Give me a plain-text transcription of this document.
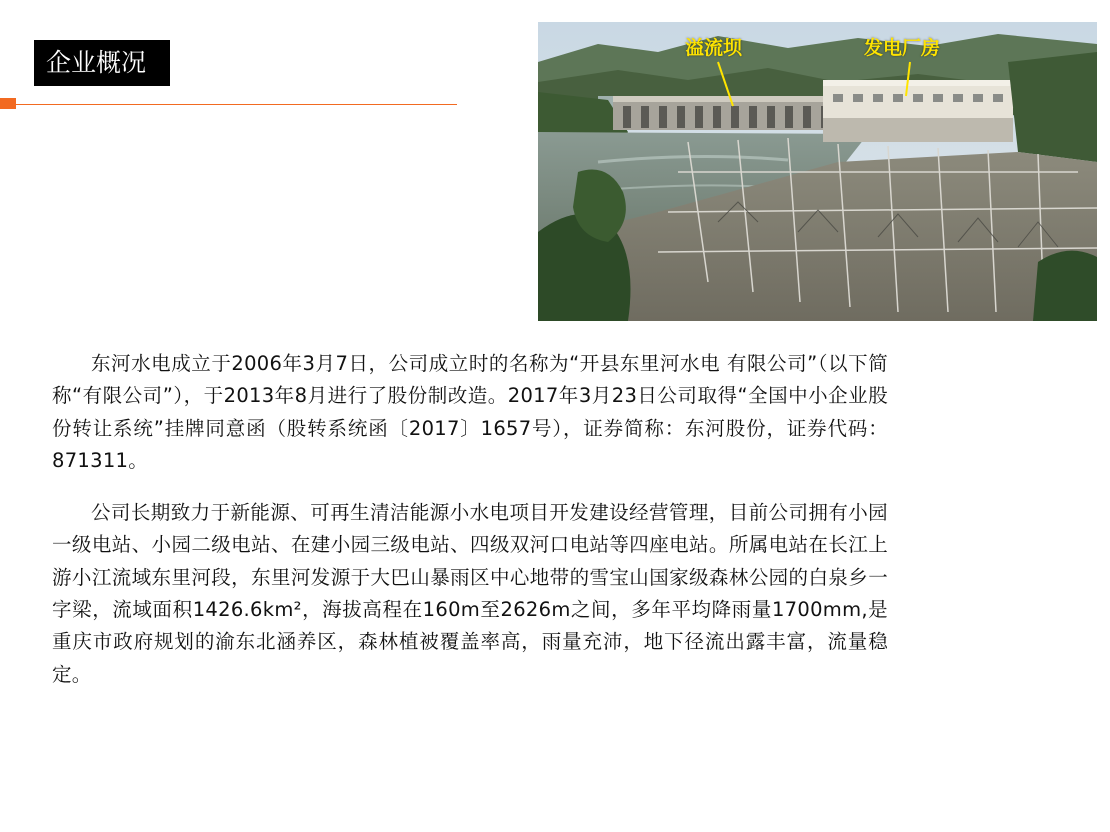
企业概况	溢流坝	发电厂房

东河水电成立于2006年3月7日，公司成立时的名称为“开县东里河水电 有限公司”（以下简称“有限公司”），于2013年8月进行了股份制改造。2017年3月23日公司取得“全国中小企业股份转让系统”挂牌同意函（股转系统函〔2017〕1657号），证券简称：东河股份，证券代码：871311。

公司长期致力于新能源、可再生清洁能源小水电项目开发建设经营管理，目前公司拥有小园一级电站、小园二级电站、在建小园三级电站、四级双河口电站等四座电站。所属电站在长江上游小江流域东里河段，东里河发源于大巴山暴雨区中心地带的雪宝山国家级森林公园的白泉乡一字梁，流域面积1426.6km²，海拔高程在160m至2626m之间，多年平均降雨量1700mm,是重庆市政府规划的渝东北涵养区，森林植被覆盖率高，雨量充沛，地下径流出露丰富，流量稳定。
